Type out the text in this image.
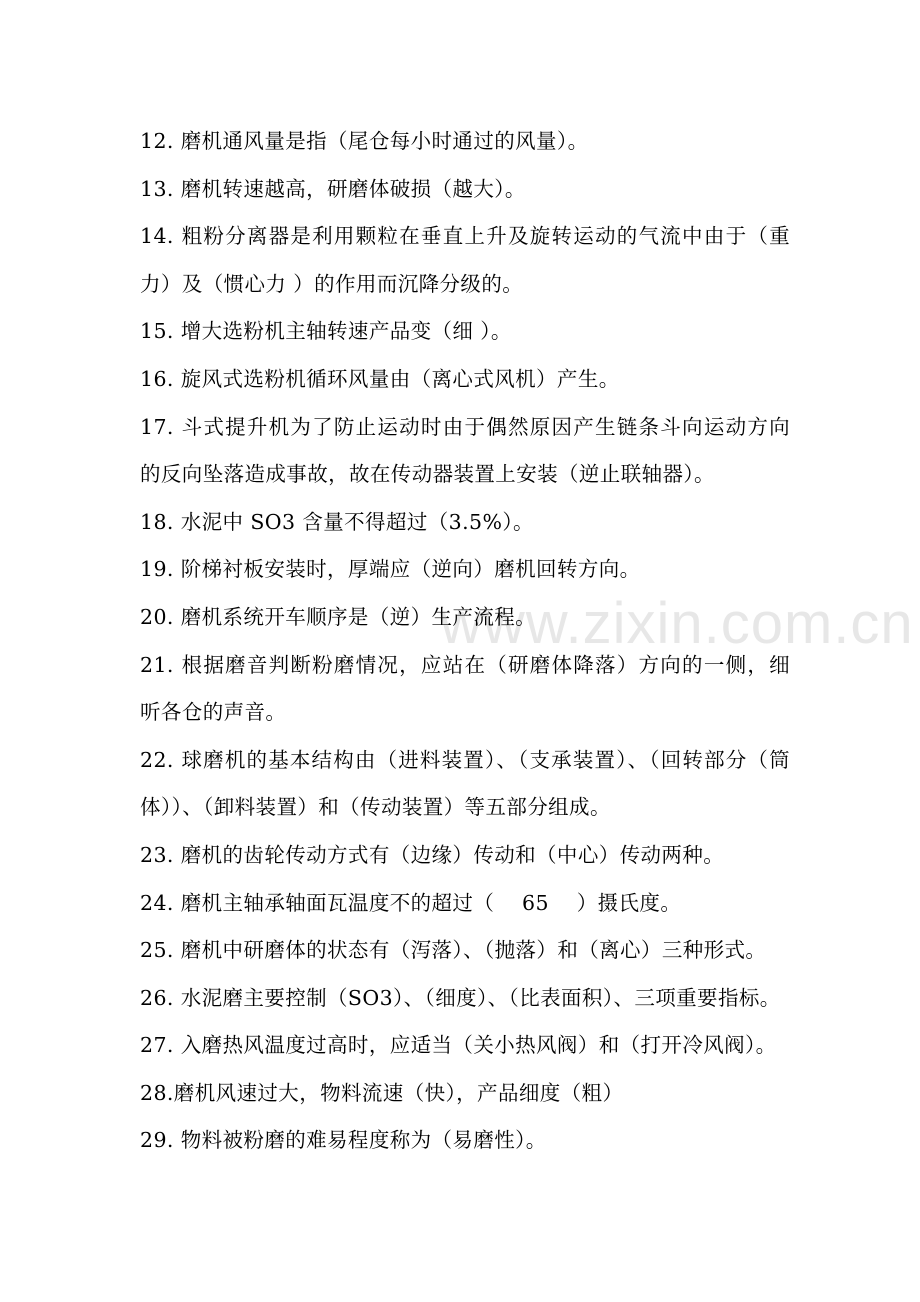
www.zixin.com.cn
12. 磨机通风量是指（尾仓每小时通过的风量）。
13. 磨机转速越高，研磨体破损（越大）。
14. 粗粉分离器是利用颗粒在垂直上升及旋转运动的气流中由于（重
力）及（惯心力 ）的作用而沉降分级的。
15. 增大选粉机主轴转速产品变（细 ）。
16. 旋风式选粉机循环风量由（离心式风机）产生。
17. 斗式提升机为了防止运动时由于偶然原因产生链条斗向运动方向
的反向坠落造成事故，故在传动器装置上安装（逆止联轴器）。
18. 水泥中 SO3 含量不得超过（3.5%）。
19. 阶梯衬板安装时，厚端应（逆向）磨机回转方向。
20. 磨机系统开车顺序是（逆）生产流程。
21. 根据磨音判断粉磨情况，应站在（研磨体降落）方向的一侧，细
听各仓的声音。
22. 球磨机的基本结构由（进料装置）、（支承装置）、（回转部分（筒
体））、（卸料装置）和（传动装置）等五部分组成。
23. 磨机的齿轮传动方式有（边缘）传动和（中心）传动两种。
24. 磨机主轴承轴面瓦温度不的超过（　 65　 ）摄氏度。
25. 磨机中研磨体的状态有（泻落）、（抛落）和（离心）三种形式。
26. 水泥磨主要控制（SO3）、（细度）、（比表面积）、三项重要指标。
27. 入磨热风温度过高时，应适当（关小热风阀）和（打开冷风阀）。
28.磨机风速过大，物料流速（快），产品细度（粗）
29. 物料被粉磨的难易程度称为（易磨性）。
